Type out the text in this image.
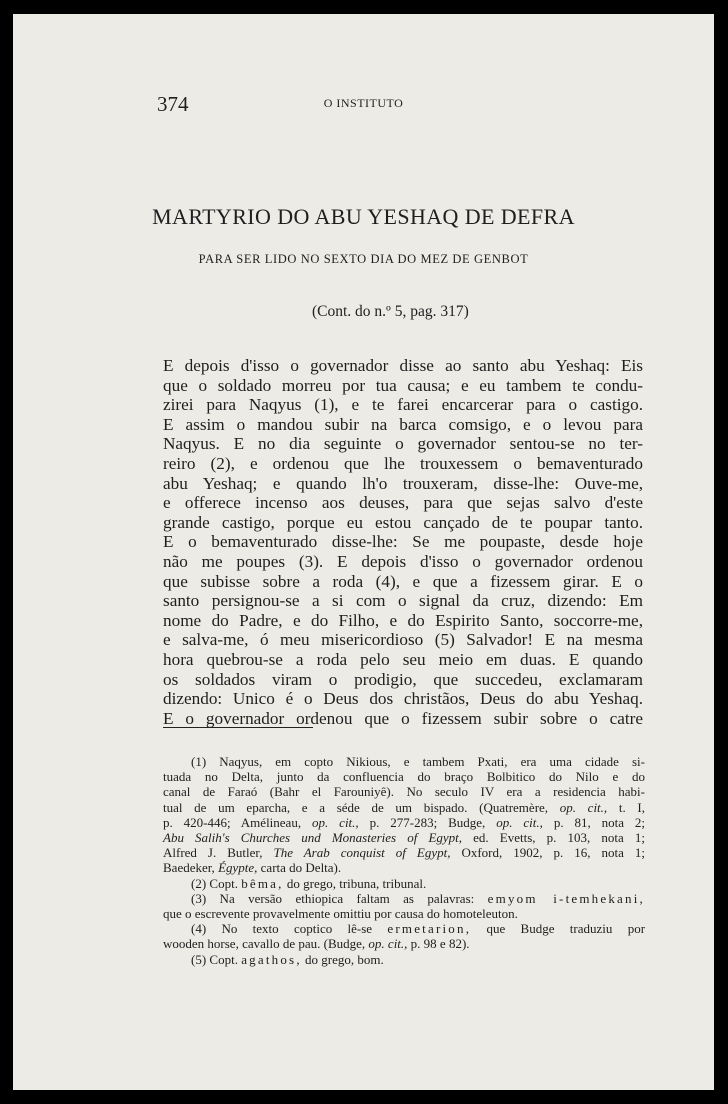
374	O INSTITUTO
MARTYRIO DO ABU YESHAQ DE DEFRA
PARA SER LIDO NO SEXTO DIA DO MEZ DE GENBOT
(Cont. do n.º 5, pag. 317)
E depois d'isso o governador disse ao santo abu Yeshaq: Eis
que o soldado morreu por tua causa; e eu tambem te condu-
zirei para Naqyus (1), e te farei encarcerar para o castigo.
E assim o mandou subir na barca comsigo, e o levou para
Naqyus. E no dia seguinte o governador sentou-se no ter-
reiro (2), e ordenou que lhe trouxessem o bemaventurado
abu Yeshaq; e quando lh'o trouxeram, disse-lhe: Ouve-me,
e offerece incenso aos deuses, para que sejas salvo d'este
grande castigo, porque eu estou cançado de te poupar tanto.
E o bemaventurado disse-lhe: Se me poupaste, desde hoje
não me poupes (3). E depois d'isso o governador ordenou
que subisse sobre a roda (4), e que a fizessem girar. E o
santo persignou-se a si com o signal da cruz, dizendo: Em
nome do Padre, e do Filho, e do Espirito Santo, soccorre-me,
e salva-me, ó meu misericordioso (5) Salvador! E na mesma
hora quebrou-se a roda pelo seu meio em duas. E quando
os soldados viram o prodigio, que succedeu, exclamaram
dizendo: Unico é o Deus dos christãos, Deus do abu Yeshaq.
E o governador ordenou que o fizessem subir sobre o catre
(1) Naqyus, em copto Nikious, e tambem Pxati, era uma cidade si-
tuada no Delta, junto da confluencia do braço Bolbitico do Nilo e do
canal de Faraó (Bahr el Farouniyê). No seculo IV era a residencia habi-
tual de um eparcha, e a séde de um bispado. (Quatremère, op. cit., t. I,
p. 420-446; Amélineau, op. cit., p. 277-283; Budge, op. cit., p. 81, nota 2;
Abu Salih's Churches und Monasteries of Egypt, ed. Evetts, p. 103, nota 1;
Alfred J. Butler, The Arab conquist of Egypt, Oxford, 1902, p. 16, nota 1;
Baedeker, Égypte, carta do Delta).
(2) Copt. bêma, do grego, tribuna, tribunal.
(3) Na versão ethiopica faltam as palavras: emyom i-temhekani,
que o escrevente provavelmente omittiu por causa do homoteleuton.
(4) No texto coptico lê-se ermetarion, que Budge traduziu por
wooden horse, cavallo de pau. (Budge, op. cit., p. 98 e 82).
(5) Copt. agathos, do grego, bom.
